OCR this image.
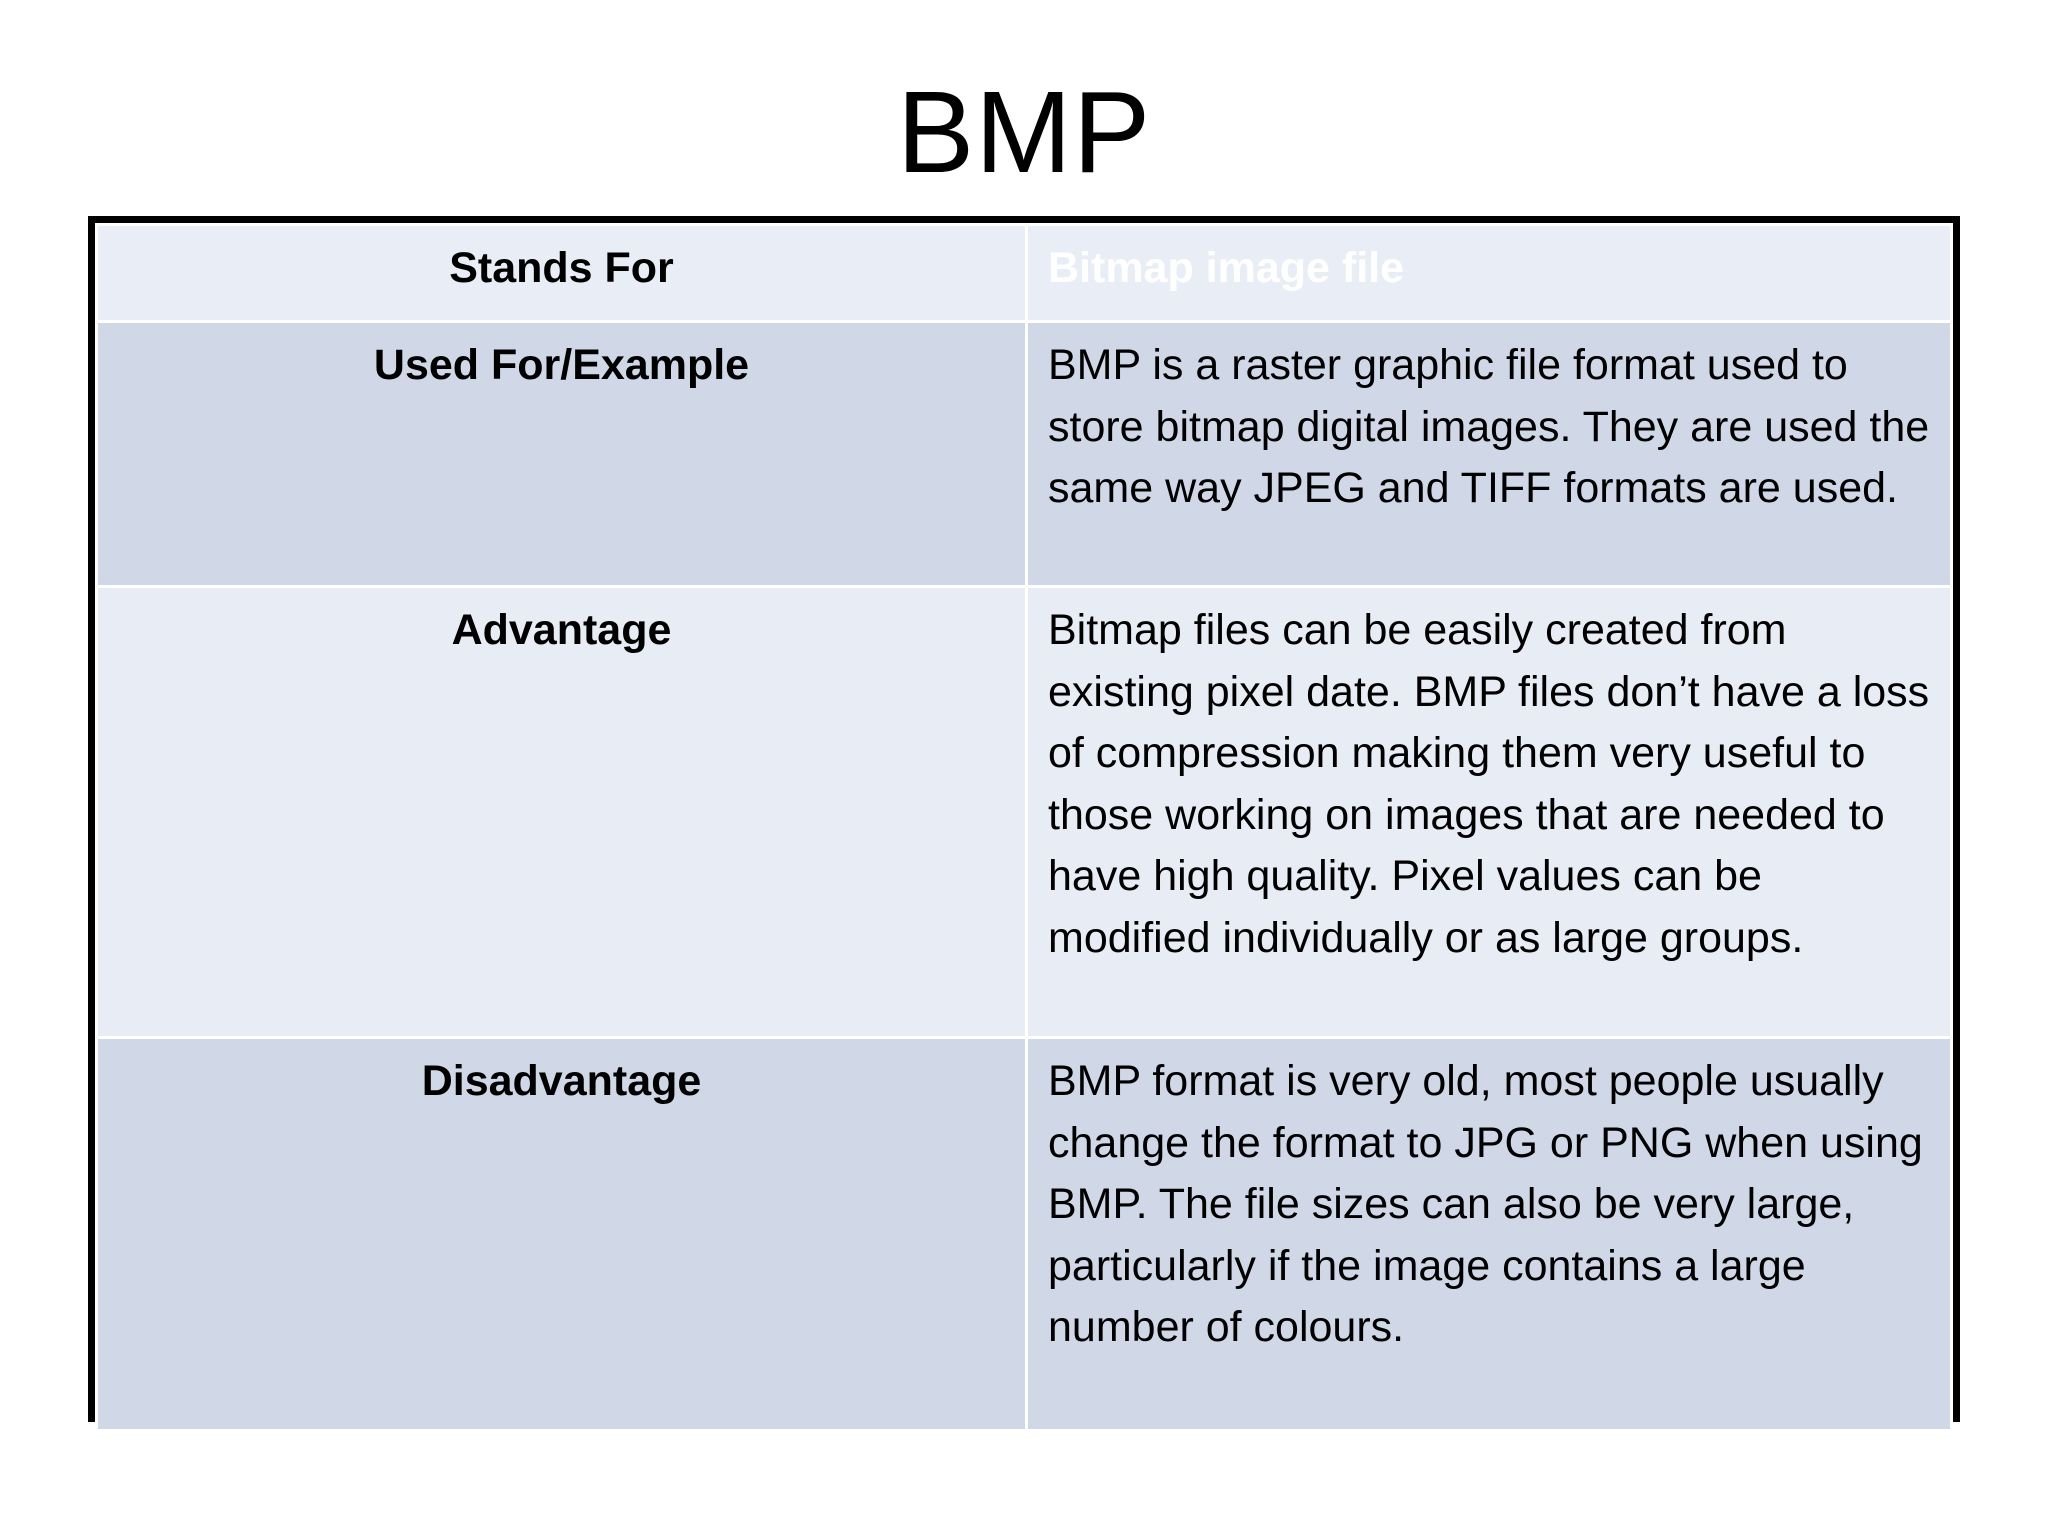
BMP
Stands For	Bitmap image file
Used For/Example	BMP is a raster graphic file format used to store bitmap digital images. They are used the same way JPEG and TIFF formats are used.
Advantage	Bitmap files can be easily created from existing pixel date. BMP files don’t have a loss of compression making them very useful to those working on images that are needed to have high quality. Pixel values can be modified individually or as large groups.
Disadvantage	BMP format is very old, most people usually change the format to JPG or PNG when using BMP. The file sizes can also be very large, particularly if the image contains a large number of colours.
